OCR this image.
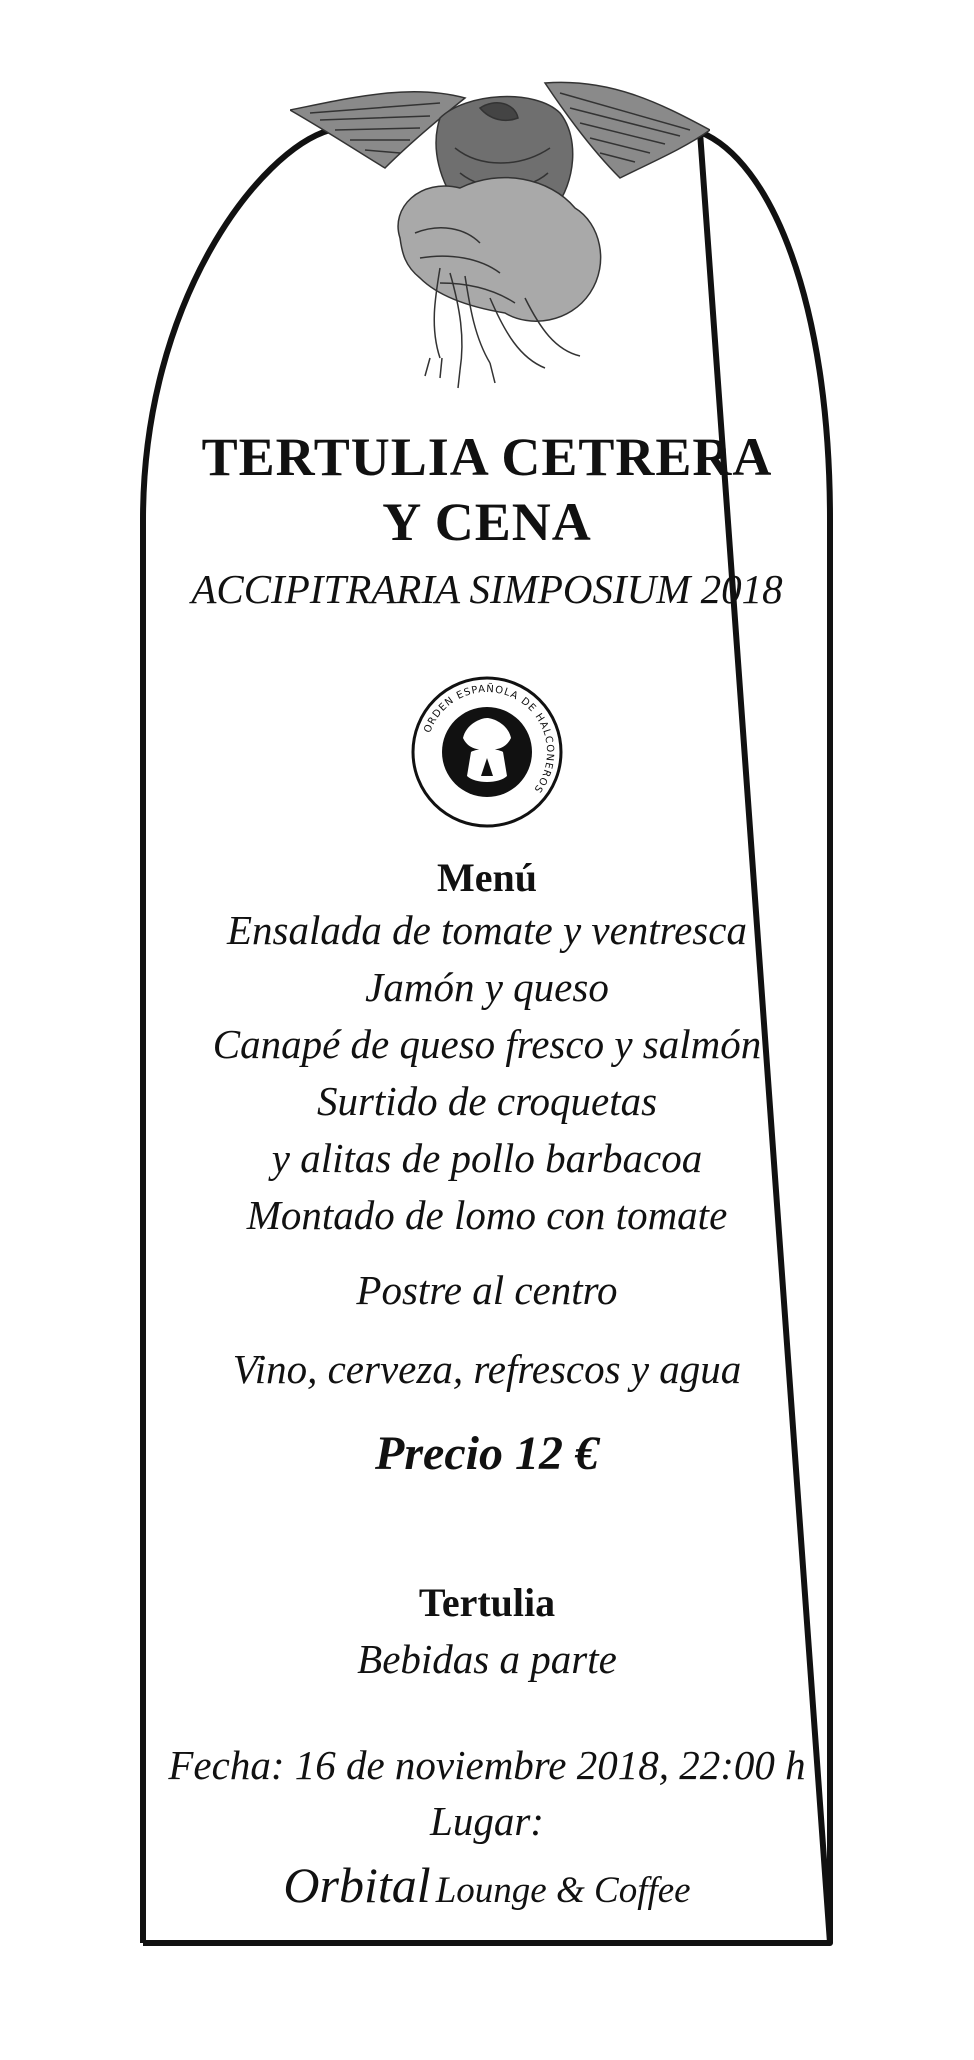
TERTULIA CETRERA
Y CENA
ACCIPITRARIA SIMPOSIUM 2018
ORDEN ESPAÑOLA DE HALCONEROS
Menú
Ensalada de tomate y ventresca
Jamón y queso
Canapé de queso fresco y salmón
Surtido de croquetas
y alitas de pollo barbacoa
Montado de lomo con tomate
Postre al centro
Vino, cerveza, refrescos y agua
Precio 12 €
Tertulia
Bebidas a parte
Fecha: 16 de noviembre 2018, 22:00 h
Lugar:
Orbital Lounge & Coffee
